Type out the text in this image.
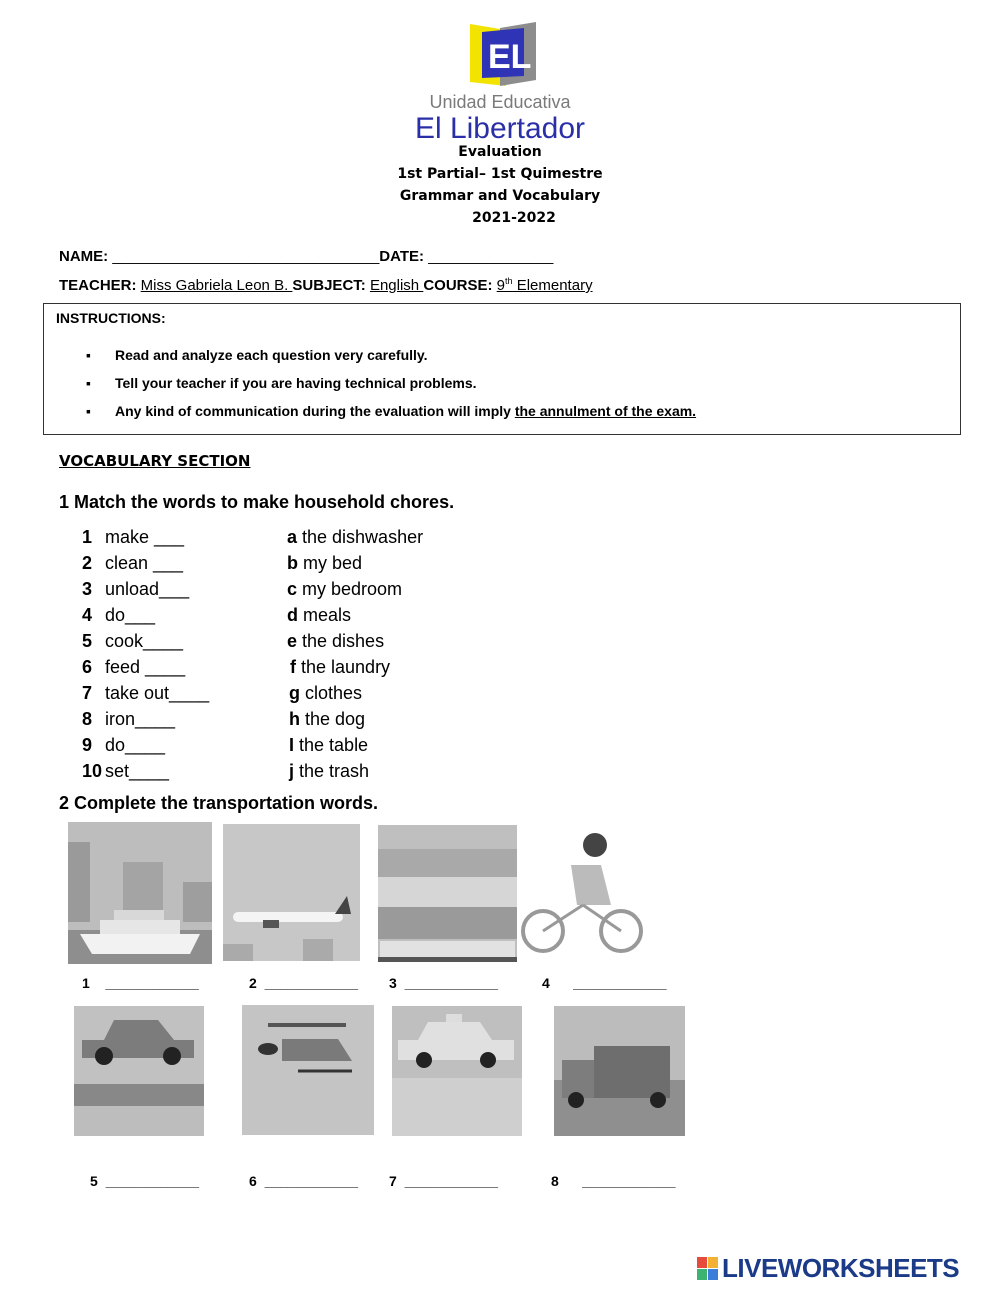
EL
Unidad Educativa
El Libertador
Evaluation
1st Partial– 1st Quimestre
Grammar and Vocabulary
2021-2022
NAME: ________________________________DATE: _______________
TEACHER: Miss Gabriela Leon B. SUBJECT: English COURSE: 9th Elementary
INSTRUCTIONS:
▪ Read and analyze each question very carefully.
▪ Tell your teacher if you are having technical problems.
▪ Any kind of communication during the evaluation will imply the annulment of the exam.
VOCABULARY SECTION
1 Match the words to make household chores.
1 make ___	a the dishwasher
2 clean ___	b my bed
3 unload___	c my bedroom
4 do___	d meals
5 cook____	e the dishes
6 feed ____	f the laundry
7 take out____	g clothes
8 iron____	h the dog
9 do____	I the table
10 set____	j the trash
2 Complete the transportation words.
1 ____________	2 ____________ 3 ____________	4 ____________
5 ____________	6 ____________ 7 ____________	8 ____________
LIVEWORKSHEETS
